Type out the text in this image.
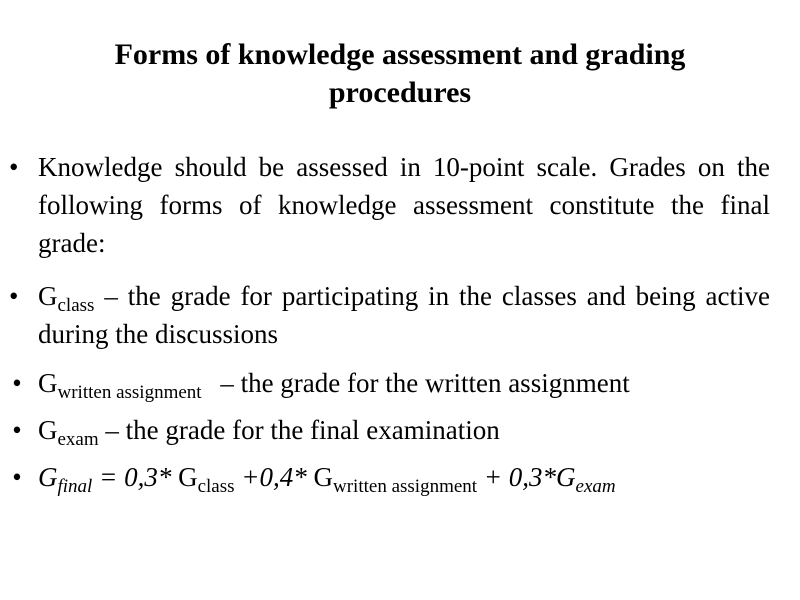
Forms of knowledge assessment and grading procedures
• Knowledge should be assessed in 10-point scale. Grades on the following forms of knowledge assessment constitute the final grade:
• $G_{class}$ – the grade for participating in the classes and being active during the discussions
• $G_{written assignment}$ – the grade for the written assignment
• $G_{exam}$ – the grade for the final examination
• $G_{final} = 0,3*$ $G_{class} +0,4*$ $G_{written assignment} + 0,3*G_{exam}$
